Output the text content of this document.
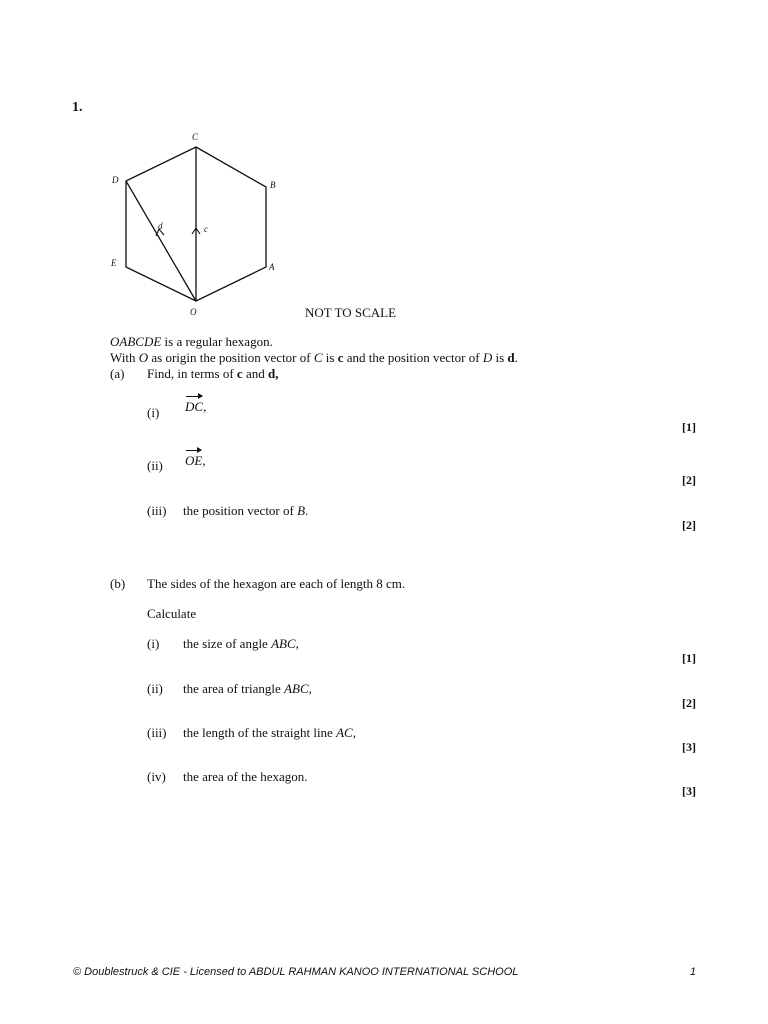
1.
C
B
D
E	A
O
d	c
NOT TO SCALE
OABCDE is a regular hexagon.
With O as origin the position vector of C is c and the position vector of D is d.
(a) Find, in terms of c and d,
(i) DC,
[1]
(ii) OE,
[2]
(iii) the position vector of B.
[2]
(b) The sides of the hexagon are each of length 8 cm.
Calculate
(i) the size of angle ABC,
[1]
(ii) the area of triangle ABC,
[2]
(iii) the length of the straight line AC,
[3]
(iv) the area of the hexagon.
[3]
© Doublestruck & CIE - Licensed to ABDUL RAHMAN KANOO INTERNATIONAL SCHOOL	1
